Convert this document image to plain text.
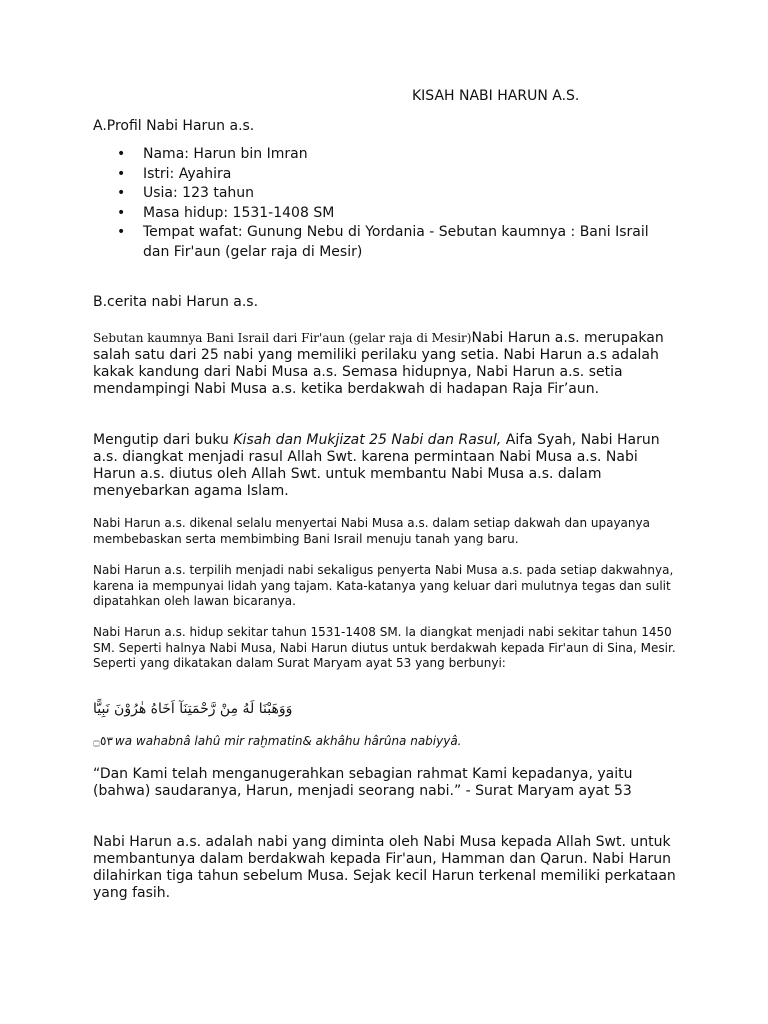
KISAH NABI HARUN A.S.
A.Profil Nabi Harun a.s.
• Nama: Harun bin Imran
• Istri: Ayahira
• Usia: 123 tahun
• Masa hidup: 1531-1408 SM
• Tempat wafat: Gunung Nebu di Yordania - Sebutan kaumnya : Bani Israil dan Fir'aun (gelar raja di Mesir)
B.cerita nabi Harun a.s.

Sebutan kaumnya Bani Israil dari Fir'aun (gelar raja di Mesir)Nabi Harun a.s. merupakan salah satu dari 25 nabi yang memiliki perilaku yang setia. Nabi Harun a.s adalah kakak kandung dari Nabi Musa a.s. Semasa hidupnya, Nabi Harun a.s. setia mendampingi Nabi Musa a.s. ketika berdakwah di hadapan Raja Fir’aun.

Mengutip dari buku Kisah dan Mukjizat 25 Nabi dan Rasul, Aifa Syah, Nabi Harun a.s. diangkat menjadi rasul Allah Swt. karena permintaan Nabi Musa a.s. Nabi Harun a.s. diutus oleh Allah Swt. untuk membantu Nabi Musa a.s. dalam menyebarkan agama Islam.

Nabi Harun a.s. dikenal selalu menyertai Nabi Musa a.s. dalam setiap dakwah dan upayanya membebaskan serta membimbing Bani Israil menuju tanah yang baru.

Nabi Harun a.s. terpilih menjadi nabi sekaligus penyerta Nabi Musa a.s. pada setiap dakwahnya, karena ia mempunyai lidah yang tajam. Kata-katanya yang keluar dari mulutnya tegas dan sulit dipatahkan oleh lawan bicaranya.

Nabi Harun a.s. hidup sekitar tahun 1531-1408 SM. la diangkat menjadi nabi sekitar tahun 1450 SM. Seperti halnya Nabi Musa, Nabi Harun diutus untuk berdakwah kepada Fir'aun di Sina, Mesir. Seperti yang dikatakan dalam Surat Maryam ayat 53 yang berbunyi:

وَوَهَبْنَا لَهُ مِنْ رَّحْمَتِنَآ اَخَاهُ هٰرُوْنَ نَبِيًّا
۝٥٣ wa wahabnâ lahû mir raḫmatin& akhâhu hârûna nabiyyâ.

“Dan Kami telah menganugerahkan sebagian rahmat Kami kepadanya, yaitu (bahwa) saudaranya, Harun, menjadi seorang nabi.” - Surat Maryam ayat 53

Nabi Harun a.s. adalah nabi yang diminta oleh Nabi Musa kepada Allah Swt. untuk membantunya dalam berdakwah kepada Fir'aun, Hamman dan Qarun. Nabi Harun dilahirkan tiga tahun sebelum Musa. Sejak kecil Harun terkenal memiliki perkataan yang fasih.
